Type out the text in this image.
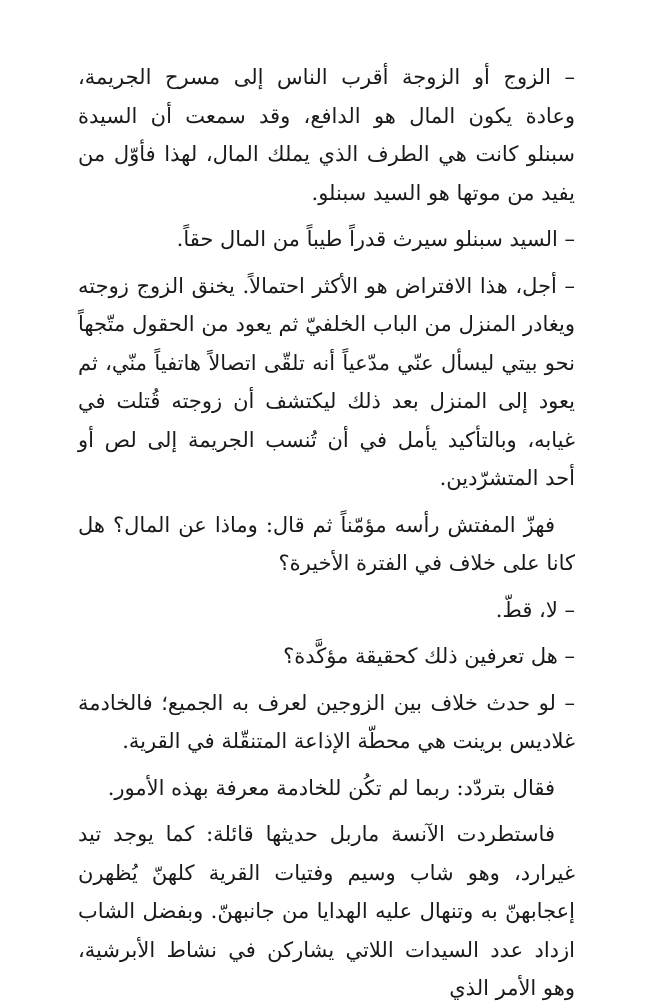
– الزوج أو الزوجة أقرب الناس إلى مسرح الجريمة، وعادة يكون المال هو الدافع، وقد سمعت أن السيدة سبنلو كانت هي الطرف الذي يملك المال، لهذا فأوّل من يفيد من موتها هو السيد سبنلو.

– السيد سبنلو سيرث قدراً طيباً من المال حقاً.

– أجل، هذا الافتراض هو الأكثر احتمالاً. يخنق الزوج زوجته ويغادر المنزل من الباب الخلفيّ ثم يعود من الحقول متّجهاً نحو بيتي ليسأل عنّي مدّعياً أنه تلقّى اتصالاً هاتفياً منّي، ثم يعود إلى المنزل بعد ذلك ليكتشف أن زوجته قُتلت في غيابه، وبالتأكيد يأمل في أن تُنسب الجريمة إلى لص أو أحد المتشرّدين.

فهزّ المفتش رأسه مؤمّناً ثم قال: وماذا عن المال؟ هل كانا على خلاف في الفترة الأخيرة؟

– لا، قطّ.

– هل تعرفين ذلك كحقيقة مؤكَّدة؟

– لو حدث خلاف بين الزوجين لعرف به الجميع؛ فالخادمة غلاديس برينت هي محطّة الإذاعة المتنقّلة في القرية.

فقال بتردّد: ربما لم تكُن للخادمة معرفة بهذه الأمور.

فاستطردت الآنسة ماربل حديثها قائلة: كما يوجد تيد غيرارد، وهو شاب وسيم وفتيات القرية كلهنّ يُظهرن إعجابهنّ به وتنهال عليه الهدايا من جانبهنّ. وبفضل الشاب ازداد عدد السيدات اللاتي يشاركن في نشاط الأبرشية، وهو الأمر الذي
